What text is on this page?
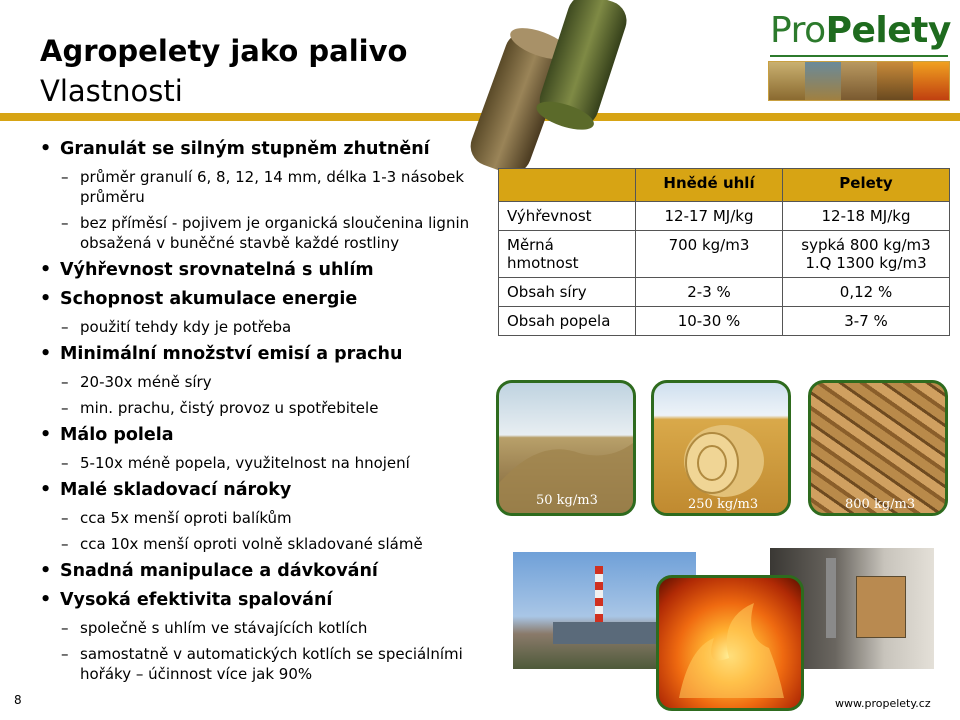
Agropelety jako palivo
Vlastnosti
ProPelety
• Granulát se silným stupněm zhutnění
– průměr granulí 6, 8, 12, 14 mm, délka 1-3 násobek průměru
– bez příměsí - pojivem je organická sloučenina lignin obsažená v buněčné stavbě každé rostliny
• Výhřevnost srovnatelná s uhlím
• Schopnost akumulace energie
– použití tehdy kdy je potřeba
• Minimální množství emisí a prachu
– 20-30x méně síry
– min. prachu, čistý provoz u spotřebitele
• Málo polela
– 5-10x méně popela, využitelnost na hnojení
• Malé skladovací nároky
– cca 5x menší oproti balíkům
– cca 10x menší oproti volně skladované slámě
• Snadná manipulace a dávkování
• Vysoká efektivita spalování
– společně s uhlím ve stávajících kotlích
– samostatně v automatických kotlích se speciálními hořáky – účinnost více jak 90%
	Hnědé uhlí	Pelety
Výhřevnost	12-17 MJ/kg	12-18 MJ/kg
Měrná hmotnost	700 kg/m3	sypká 800 kg/m3
1.Q 1300 kg/m3
Obsah síry	2-3 %	0,12 %
Obsah popela	10-30 %	3-7 %
50 kg/m3	250 kg/m3	800 kg/m3
8	www.propelety.cz
